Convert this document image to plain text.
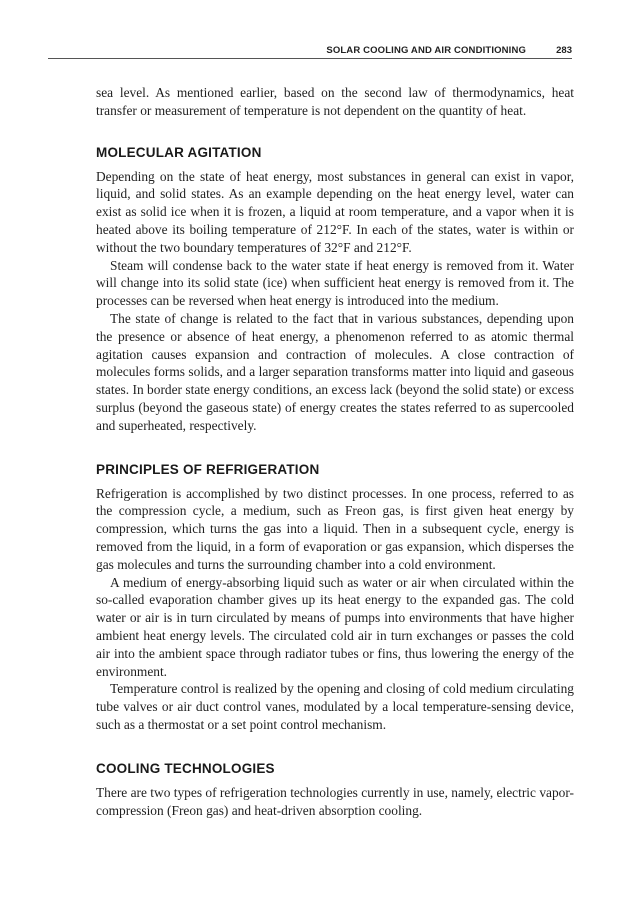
SOLAR COOLING AND AIR CONDITIONING	283

sea level. As mentioned earlier, based on the second law of thermodynamics, heat transfer or measurement of temperature is not dependent on the quantity of heat.

MOLECULAR AGITATION

Depending on the state of heat energy, most substances in general can exist in vapor, liquid, and solid states. As an example depending on the heat energy level, water can exist as solid ice when it is frozen, a liquid at room temperature, and a vapor when it is heated above its boiling temperature of 212°F. In each of the states, water is within or without the two boundary temperatures of 32°F and 212°F.

Steam will condense back to the water state if heat energy is removed from it. Water will change into its solid state (ice) when sufficient heat energy is removed from it. The processes can be reversed when heat energy is introduced into the medium.

The state of change is related to the fact that in various substances, depending upon the presence or absence of heat energy, a phenomenon referred to as atomic thermal agitation causes expansion and contraction of molecules. A close contraction of molecules forms solids, and a larger separation transforms matter into liquid and gaseous states. In border state energy conditions, an excess lack (beyond the solid state) or excess surplus (beyond the gaseous state) of energy creates the states referred to as supercooled and superheated, respectively.

PRINCIPLES OF REFRIGERATION

Refrigeration is accomplished by two distinct processes. In one process, referred to as the compression cycle, a medium, such as Freon gas, is first given heat energy by compression, which turns the gas into a liquid. Then in a subsequent cycle, energy is removed from the liquid, in a form of evaporation or gas expansion, which disperses the gas molecules and turns the surrounding chamber into a cold environment.

A medium of energy-absorbing liquid such as water or air when circulated within the so-called evaporation chamber gives up its heat energy to the expanded gas. The cold water or air is in turn circulated by means of pumps into environments that have higher ambient heat energy levels. The circulated cold air in turn exchanges or passes the cold air into the ambient space through radiator tubes or fins, thus lowering the energy of the environment.

Temperature control is realized by the opening and closing of cold medium circulating tube valves or air duct control vanes, modulated by a local temperature-sensing device, such as a thermostat or a set point control mechanism.

COOLING TECHNOLOGIES

There are two types of refrigeration technologies currently in use, namely, electric vapor-compression (Freon gas) and heat-driven absorption cooling.
